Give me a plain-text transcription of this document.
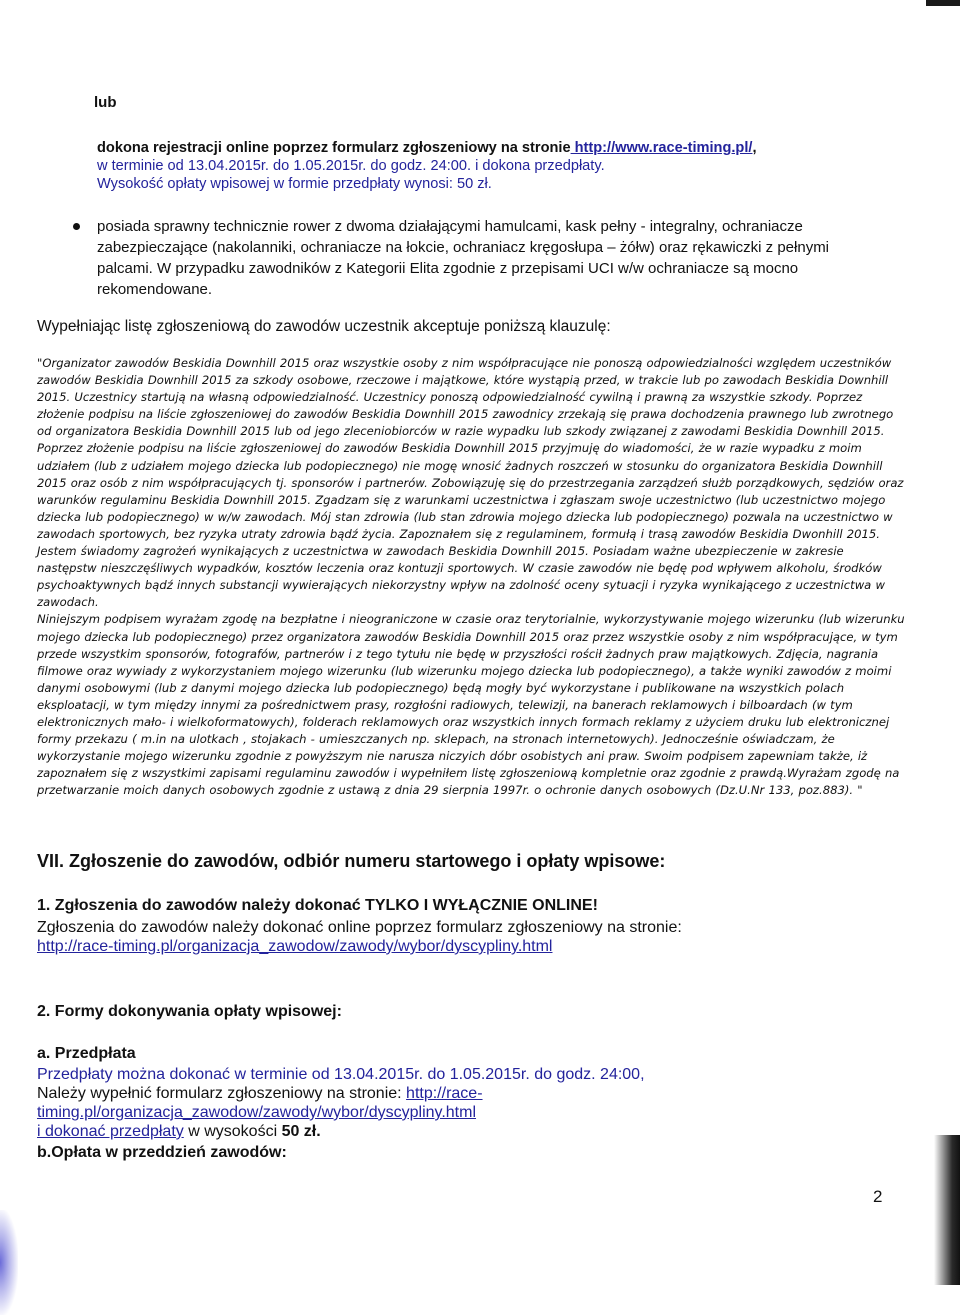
lub
dokona rejestracji online poprzez formularz zgłoszeniowy na stronie http://www.race-timing.pl/,
w terminie od 13.04.2015r. do 1.05.2015r. do godz. 24:00. i dokona przedpłaty.
Wysokość opłaty wpisowej w formie przedpłaty wynosi: 50 zł.
posiada sprawny technicznie rower z dwoma działającymi hamulcami, kask pełny - integralny, ochraniacze zabezpieczające (nakolanniki, ochraniacze na łokcie, ochraniacz kręgosłupa – żółw) oraz rękawiczki z pełnymi palcami. W przypadku zawodników z Kategorii Elita zgodnie z przepisami UCI w/w ochraniacze są mocno rekomendowane.
Wypełniając listę zgłoszeniową do zawodów uczestnik akceptuje poniższą klauzulę:

"Organizator zawodów Beskidia Downhill 2015 oraz wszystkie osoby z nim współpracujące nie ponoszą odpowiedzialności względem uczestników zawodów Beskidia Downhill 2015 za szkody osobowe, rzeczowe i majątkowe, które wystąpią przed, w trakcie lub po zawodach Beskidia Downhill 2015. Uczestnicy startują na własną odpowiedzialność. Uczestnicy ponoszą odpowiedzialność cywilną i prawną za wszystkie szkody. Poprzez złożenie podpisu na liście zgłoszeniowej do zawodów Beskidia Downhill 2015 zawodnicy zrzekają się prawa dochodzenia prawnego lub zwrotnego od organizatora Beskidia Downhill 2015 lub od jego zleceniobiorców w razie wypadku lub szkody związanej z zawodami Beskidia Downhill 2015.

Poprzez złożenie podpisu na liście zgłoszeniowej do zawodów Beskidia Downhill 2015 przyjmuję do wiadomości, że w razie wypadku z moim udziałem (lub z udziałem mojego dziecka lub podopiecznego) nie mogę wnosić żadnych roszczeń w stosunku do organizatora Beskidia Downhill 2015 oraz osób z nim współpracujących tj. sponsorów i partnerów. Zobowiązuję się do przestrzegania zarządzeń służb porządkowych, sędziów oraz warunków regulaminu Beskidia Downhill 2015. Zgadzam się z warunkami uczestnictwa i zgłaszam swoje uczestnictwo (lub uczestnictwo mojego dziecka lub podopiecznego) w w/w zawodach. Mój stan zdrowia (lub stan zdrowia mojego dziecka lub podopiecznego) pozwala na uczestnictwo w zawodach sportowych, bez ryzyka utraty zdrowia bądź życia. Zapoznałem się z regulaminem, formułą i trasą zawodów Beskidia Dwonhill 2015. Jestem świadomy zagrożeń wynikających z uczestnictwa w zawodach Beskidia Downhill 2015. Posiadam ważne ubezpieczenie w zakresie następstw nieszczęśliwych wypadków, kosztów leczenia oraz kontuzji sportowych. W czasie zawodów nie będę pod wpływem alkoholu, środków psychoaktywnych bądź innych substancji wywierających niekorzystny wpływ na zdolność oceny sytuacji i ryzyka wynikającego z uczestnictwa w zawodach.

Niniejszym podpisem wyrażam zgodę na bezpłatne i nieograniczone w czasie oraz terytorialnie, wykorzystywanie mojego wizerunku (lub wizerunku mojego dziecka lub podopiecznego) przez organizatora zawodów Beskidia Downhill 2015 oraz przez wszystkie osoby z nim współpracujące, w tym przede wszystkim sponsorów, fotografów, partnerów i z tego tytułu nie będę w przyszłości rościł żadnych praw majątkowych. Zdjęcia, nagrania filmowe oraz wywiady z wykorzystaniem mojego wizerunku (lub wizerunku mojego dziecka lub podopiecznego), a także wyniki zawodów z moimi danymi osobowymi (lub z danymi mojego dziecka lub podopiecznego) będą mogły być wykorzystane i publikowane na wszystkich polach eksploatacji, w tym między innymi za pośrednictwem prasy, rozgłośni radiowych, telewizji, na banerach reklamowych i bilboardach (w tym elektronicznych mało- i wielkoformatowych), folderach reklamowych oraz wszystkich innych formach reklamy z użyciem druku lub elektronicznej formy przekazu ( m.in na ulotkach , stojakach - umieszczanych np. sklepach, na stronach internetowych). Jednocześnie oświadczam, że wykorzystanie mojego wizerunku zgodnie z powyższym nie narusza niczyich dóbr osobistych ani praw. Swoim podpisem zapewniam także, iż zapoznałem się z wszystkimi zapisami regulaminu zawodów i wypełniłem listę zgłoszeniową kompletnie oraz zgodnie z prawdą.Wyrażam zgodę na przetwarzanie moich danych osobowych zgodnie z ustawą z dnia 29 sierpnia 1997r. o ochronie danych osobowych (Dz.U.Nr 133, poz.883). "

VII. Zgłoszenie do zawodów, odbiór numeru startowego i opłaty wpisowe:
1. Zgłoszenia do zawodów należy dokonać TYLKO I WYŁĄCZNIE ONLINE!
Zgłoszenia do zawodów należy dokonać online poprzez formularz zgłoszeniowy na stronie: http://race-timing.pl/organizacja_zawodow/zawody/wybor/dyscypliny.html
2. Formy dokonywania opłaty wpisowej:
a. Przedpłata
Przedpłaty można dokonać w terminie od 13.04.2015r. do 1.05.2015r. do godz. 24:00,
Należy wypełnić formularz zgłoszeniowy na stronie: http://race-timing.pl/organizacja_zawodow/zawody/wybor/dyscypliny.html
i dokonać przedpłaty w wysokości 50 zł.
b.Opłata w przeddzień zawodów:
2
